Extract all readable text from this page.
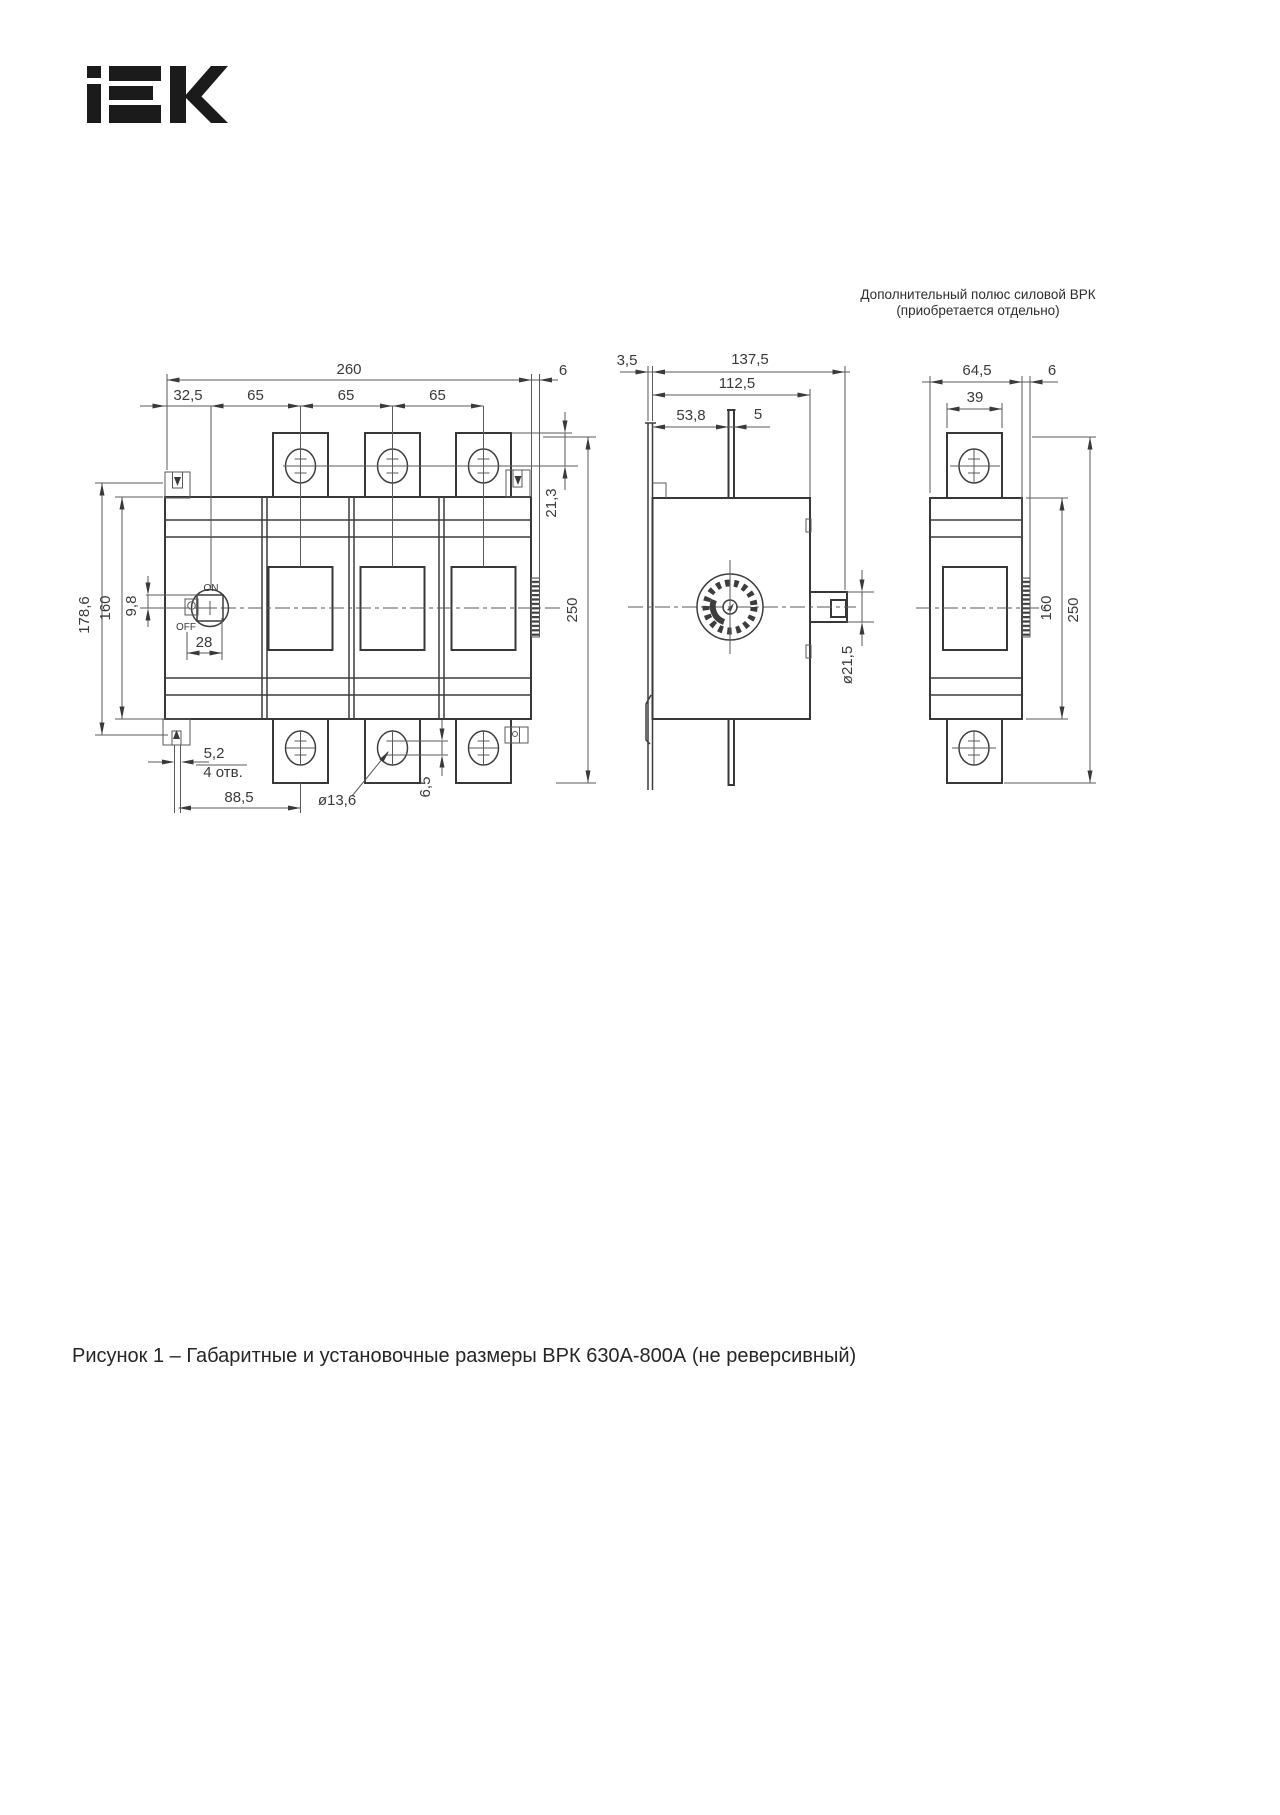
Дополнительный полюс силовой ВРК
(приобретается отдельно)
ON
OFF
260	6
32,5	65	65	65
178,6 160 9,8
28
21,3
250
5,2
4 отв.
88,5	ø13,6
6,5
3,5	137,5
112,5
53,8	5
ø21,5
64,5	6
39
160 250
Рисунок 1 – Габаритные и установочные размеры ВРК 630А-800А (не реверсивный)
